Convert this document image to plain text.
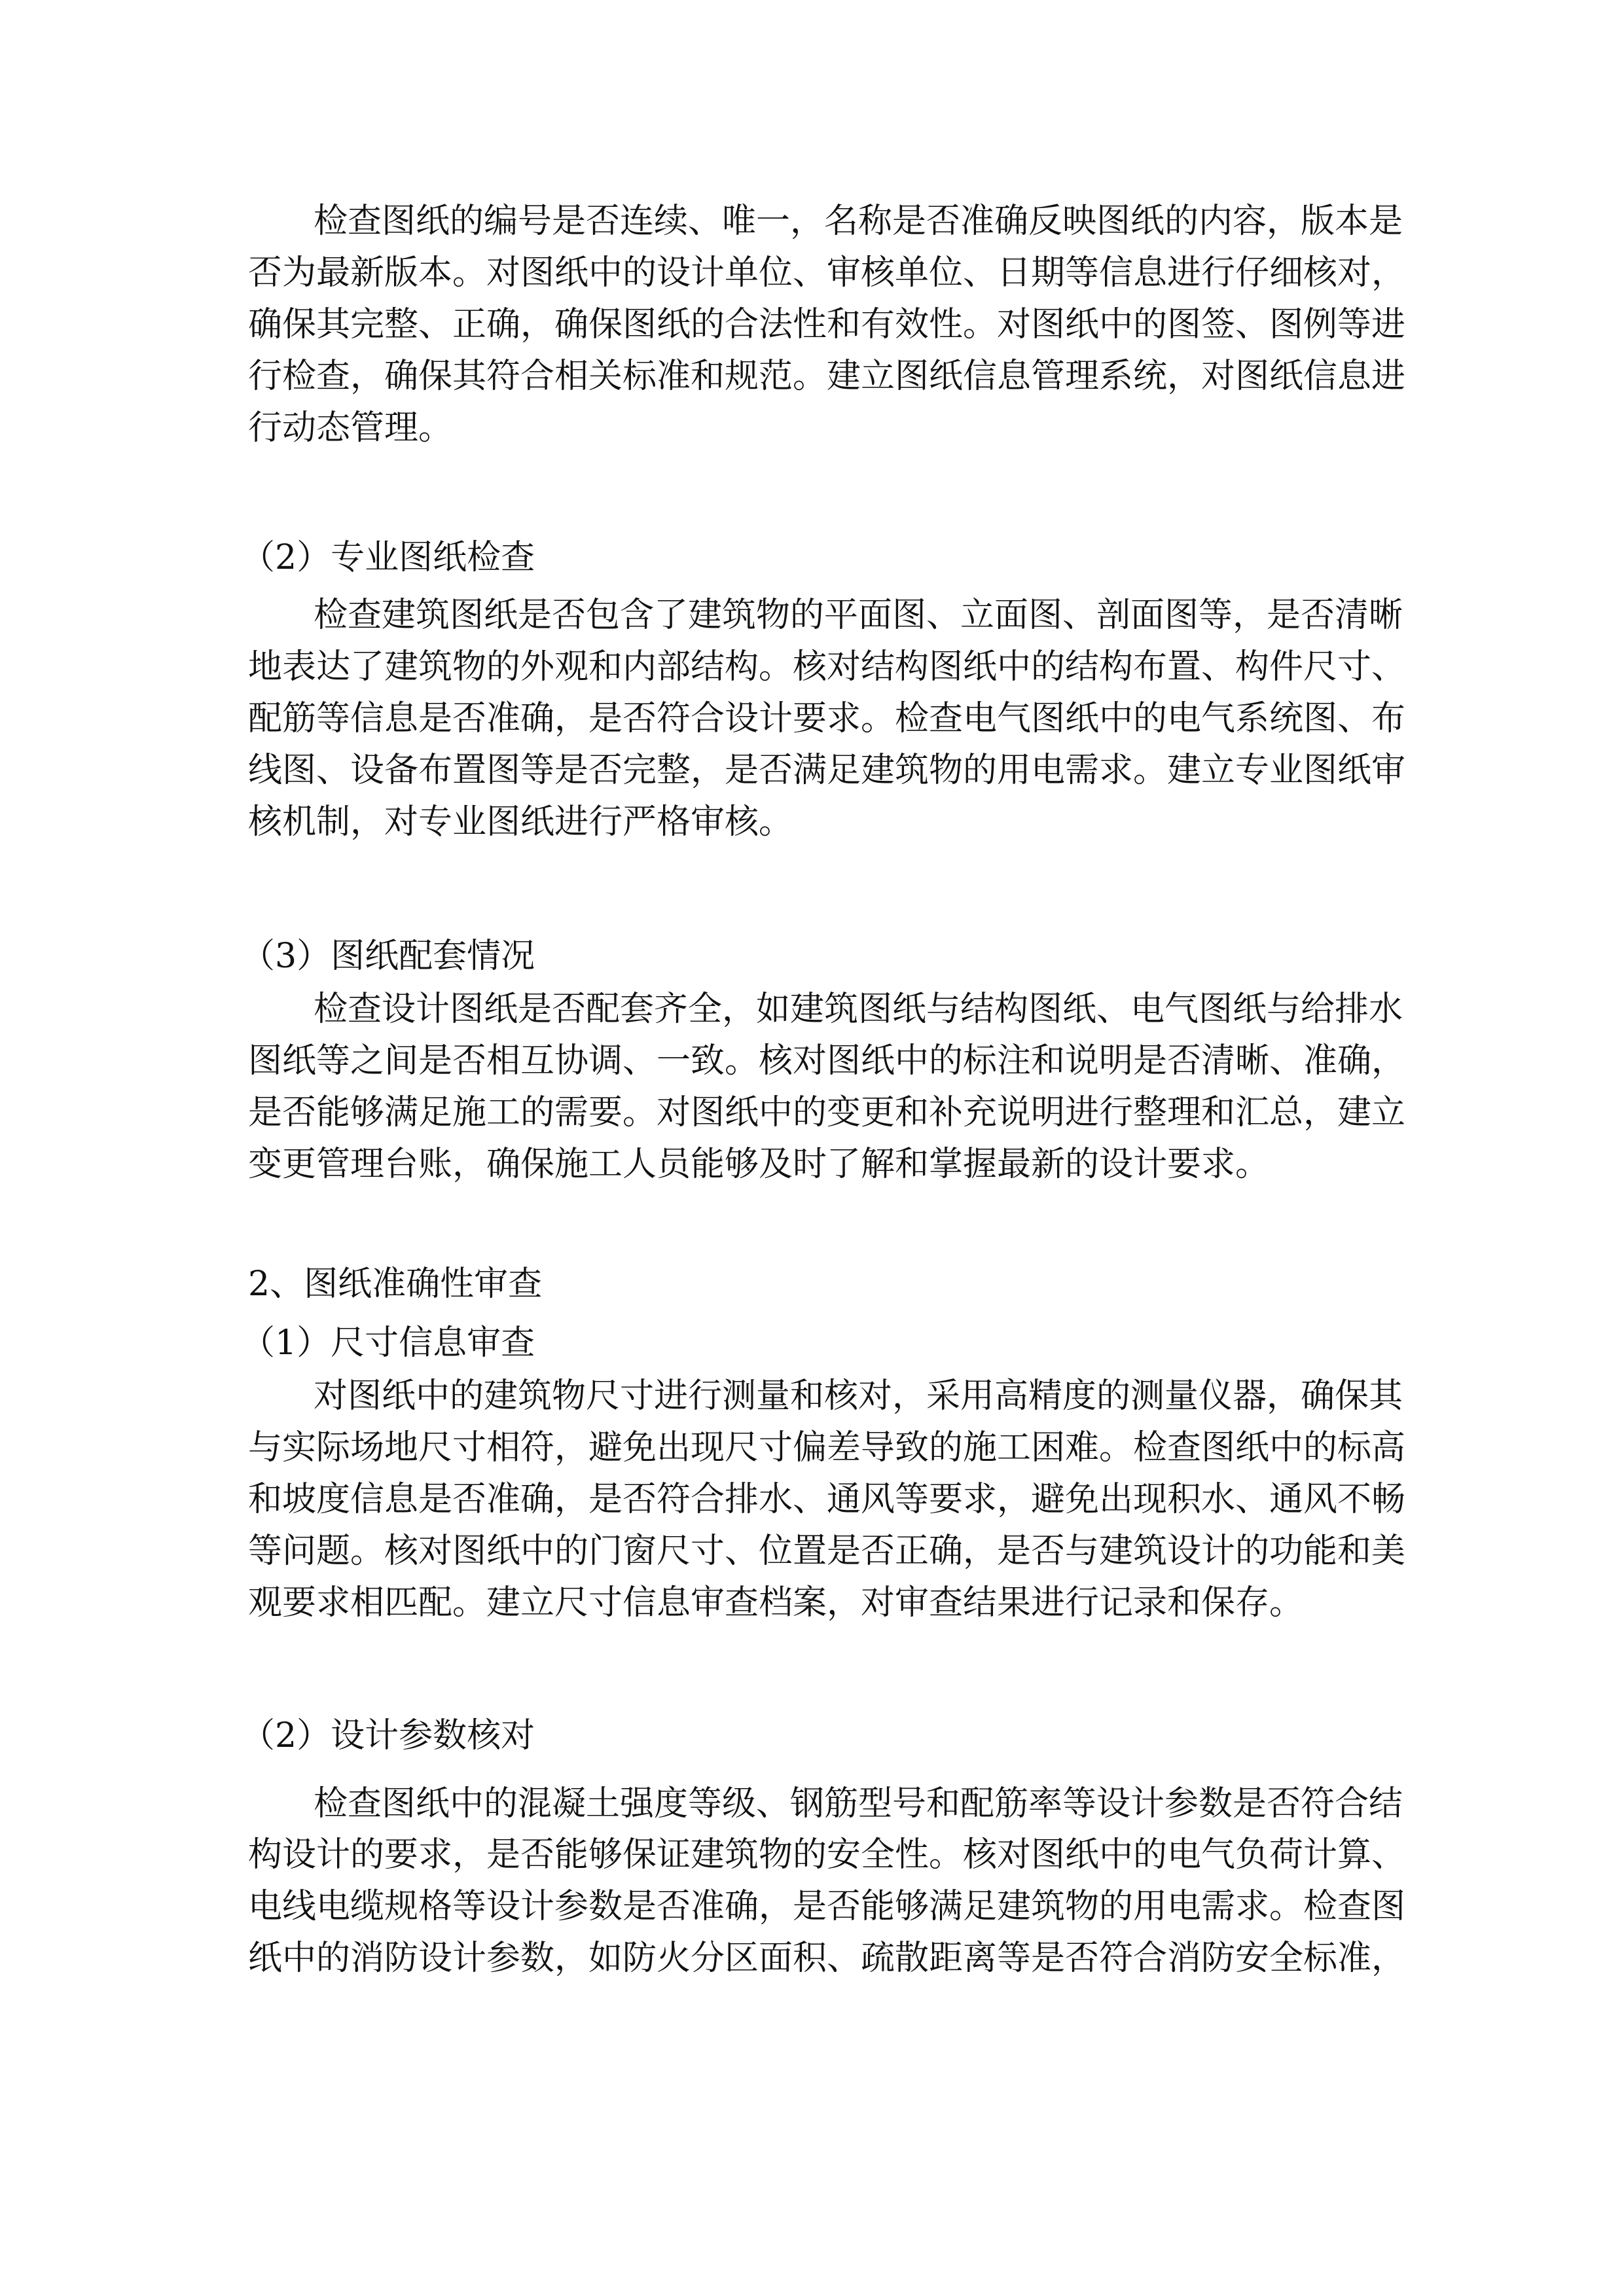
检查图纸的编号是否连续、唯一，名称是否准确反映图纸的内容，版本是
否为最新版本。对图纸中的设计单位、审核单位、日期等信息进行仔细核对，
确保其完整、正确，确保图纸的合法性和有效性。对图纸中的图签、图例等进
行检查，确保其符合相关标准和规范。建立图纸信息管理系统，对图纸信息进
行动态管理。
（2）专业图纸检查
检查建筑图纸是否包含了建筑物的平面图、立面图、剖面图等，是否清晰
地表达了建筑物的外观和内部结构。核对结构图纸中的结构布置、构件尺寸、
配筋等信息是否准确，是否符合设计要求。检查电气图纸中的电气系统图、布
线图、设备布置图等是否完整，是否满足建筑物的用电需求。建立专业图纸审
核机制，对专业图纸进行严格审核。
（3）图纸配套情况
检查设计图纸是否配套齐全，如建筑图纸与结构图纸、电气图纸与给排水
图纸等之间是否相互协调、一致。核对图纸中的标注和说明是否清晰、准确，
是否能够满足施工的需要。对图纸中的变更和补充说明进行整理和汇总，建立
变更管理台账，确保施工人员能够及时了解和掌握最新的设计要求。
2、图纸准确性审查
（1）尺寸信息审查
对图纸中的建筑物尺寸进行测量和核对，采用高精度的测量仪器，确保其
与实际场地尺寸相符，避免出现尺寸偏差导致的施工困难。检查图纸中的标高
和坡度信息是否准确，是否符合排水、通风等要求，避免出现积水、通风不畅
等问题。核对图纸中的门窗尺寸、位置是否正确，是否与建筑设计的功能和美
观要求相匹配。建立尺寸信息审查档案，对审查结果进行记录和保存。
（2）设计参数核对
检查图纸中的混凝土强度等级、钢筋型号和配筋率等设计参数是否符合结
构设计的要求，是否能够保证建筑物的安全性。核对图纸中的电气负荷计算、
电线电缆规格等设计参数是否准确，是否能够满足建筑物的用电需求。检查图
纸中的消防设计参数，如防火分区面积、疏散距离等是否符合消防安全标准，
